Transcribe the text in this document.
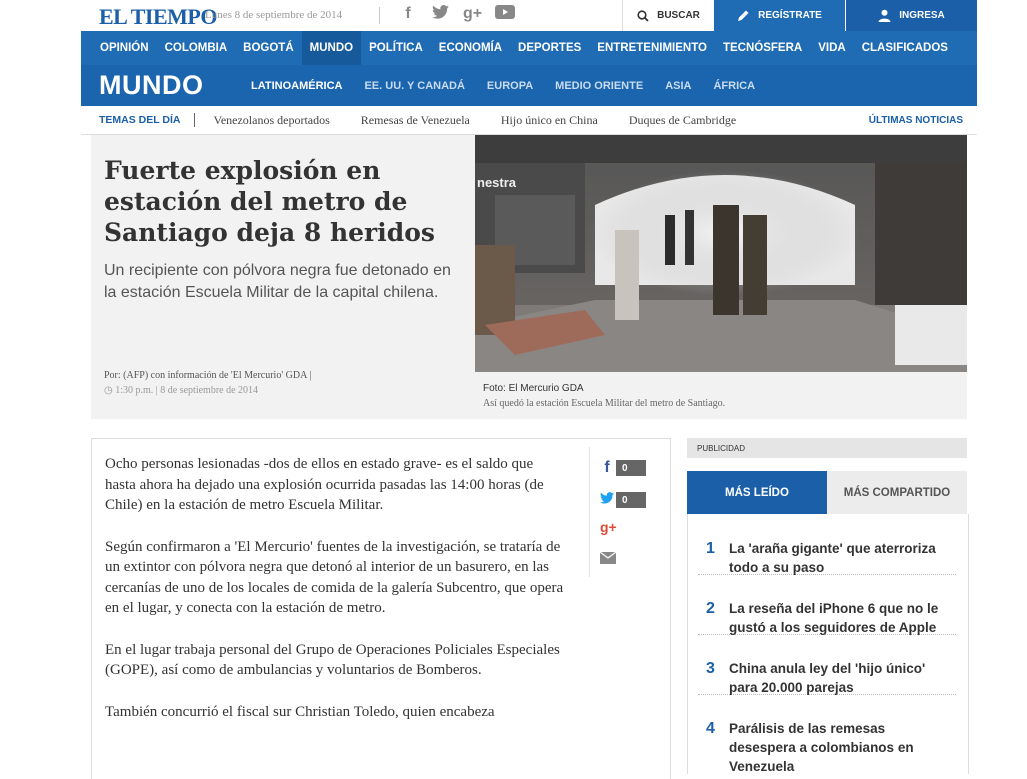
EL TIEMPO
Lunes 8 de septiembre de 2014	f	g+	BUSCAR	REGÍSTRATE	INGRESA
OPINIÓN	COLOMBIA	BOGOTÁ	MUNDO	POLÍTICA	ECONOMÍA	DEPORTES	ENTRETENIMIENTO	TECNÓSFERA	VIDA	CLASIFICADOS
MUNDO	LATINOAMÉRICA EE. UU. Y CANADÁ EUROPA MEDIO ORIENTE ASIA ÁFRICA
TEMAS DEL DÍA	Venezolanos deportados	Remesas de Venezuela	Hijo único en China	Duques de Cambridge	ÚLTIMAS NOTICIAS
Fuerte explosión en estación del metro de Santiago deja 8 heridos

Un recipiente con pólvora negra fue detonado en la estación Escuela Militar de la capital chilena.

Por: (AFP) con información de 'El Mercurio' GDA |
◷ 1:30 p.m. | 8 de septiembre de 2014
nestra
Foto: El Mercurio GDA
Así quedó la estación Escuela Militar del metro de Santiago.

Ocho personas lesionadas -dos de ellos en estado grave- es el saldo que hasta ahora ha dejado una explosión ocurrida pasadas las 14:00 horas (de Chile) en la estación de metro Escuela Militar.

Según confirmaron a 'El Mercurio' fuentes de la investigación, se trataría de un extintor con pólvora negra que detonó al interior de un basurero, en las cercanías de uno de los locales de comida de la galería Subcentro, que opera en el lugar, y conecta con la estación de metro.

En el lugar trabaja personal del Grupo de Operaciones Policiales Especiales (GOPE), así como de ambulancias y voluntarios de Bomberos.

También concurrió el fiscal sur Christian Toledo, quien encabeza

f	0
0
g+
PUBLICIDAD
MÁS LEÍDO	MÁS COMPARTIDO
1 La 'araña gigante' que aterroriza todo a su paso
2 La reseña del iPhone 6 que no le gustó a los seguidores de Apple
3 China anula ley del 'hijo único' para 20.000 parejas
4 Parálisis de las remesas desespera a colombianos en Venezuela
